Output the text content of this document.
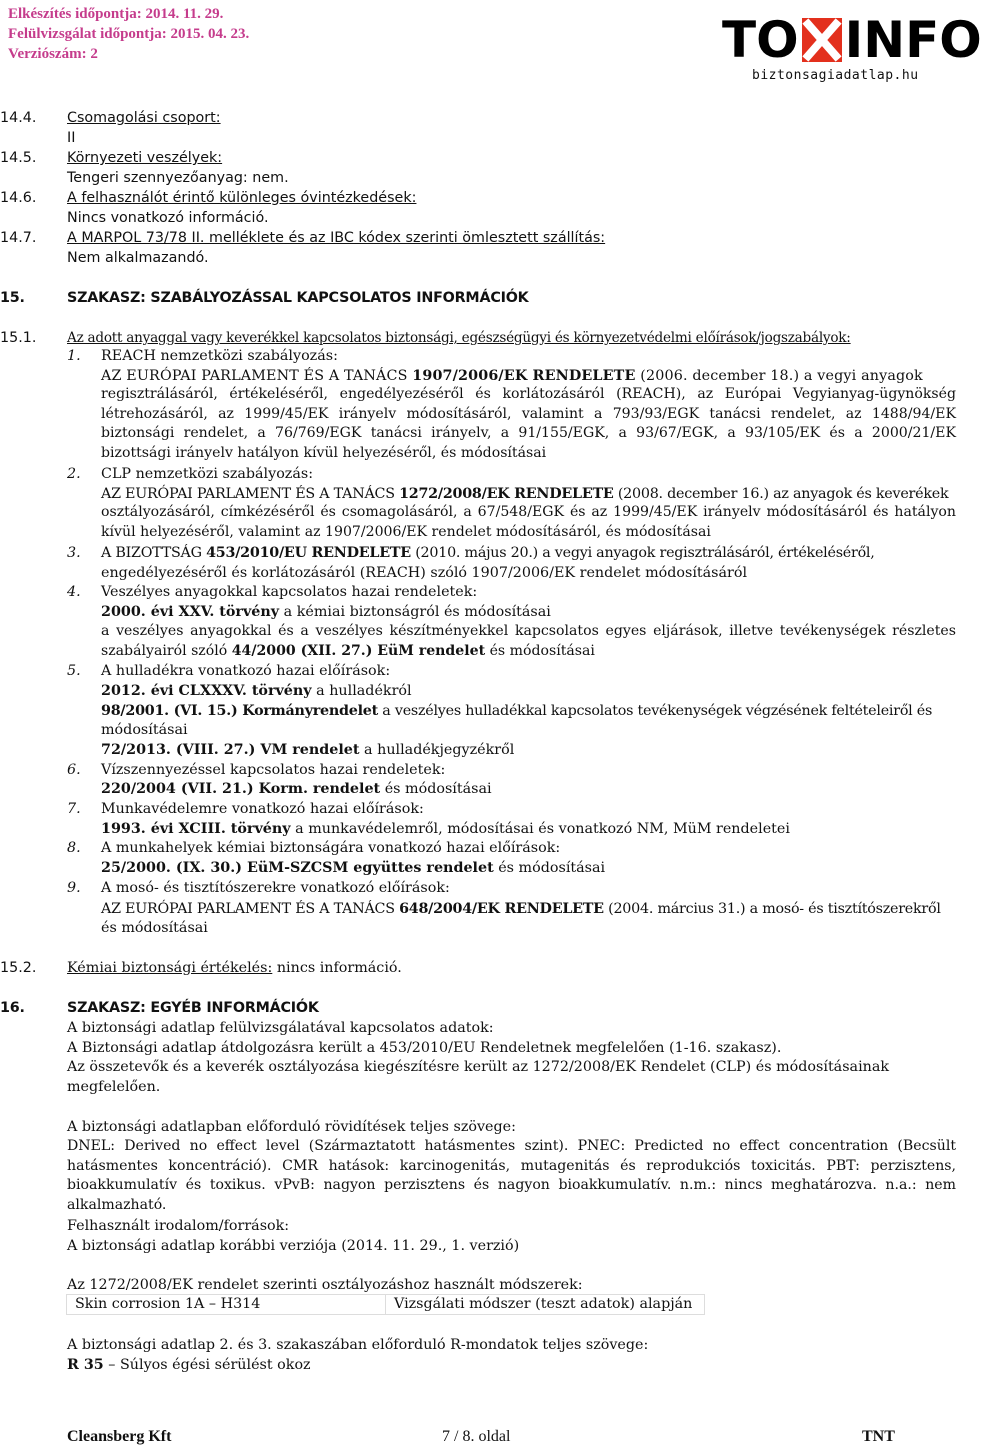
Elkészítés időpontja: 2014. 11. 29.
Felülvizsgálat időpontja: 2015. 04. 23.
Verziószám: 2	TO INFO
biztonsagiadatlap.hu
14.4. Csomagolási csoport:
II
14.5. Környezeti veszélyek:
Tengeri szennyezőanyag: nem.
14.6. A felhasználót érintő különleges óvintézkedések:
Nincs vonatkozó információ.
14.7. A MARPOL 73/78 II. melléklete és az IBC kódex szerinti ömlesztett szállítás:
Nem alkalmazandó.
15.	SZAKASZ: SZABÁLYOZÁSSAL KAPCSOLATOS INFORMÁCIÓK
15.1. Az adott anyaggal vagy keverékkel kapcsolatos biztonsági, egészségügyi és környezetvédelmi előírások/jogszabályok:
1. REACH nemzetközi szabályozás:
AZ EURÓPAI PARLAMENT ÉS A TANÁCS 1907/2006/EK RENDELETE (2006. december 18.) a vegyi anyagok
regisztrálásáról, értékeléséről, engedélyezéséről és korlátozásáról (REACH), az Európai Vegyianyag-ügynökség létrehozásáról, az 1999/45/EK irányelv módosításáról, valamint a 793/93/EGK tanácsi rendelet, az 1488/94/EK biztonsági rendelet, a 76/769/EGK tanácsi irányelv, a 91/155/EGK, a 93/67/EGK, a 93/105/EK és a 2000/21/EK bizottsági irányelv hatályon kívül helyezéséről, és módosításai
2. CLP nemzetközi szabályozás:
AZ EURÓPAI PARLAMENT ÉS A TANÁCS 1272/2008/EK RENDELETE (2008. december 16.) az anyagok és keverékek
osztályozásáról, címkézéséről és csomagolásáról, a 67/548/EGK és az 1999/45/EK irányelv módosításáról és hatályon kívül helyezéséről, valamint az 1907/2006/EK rendelet módosításáról, és módosításai
3. A BIZOTTSÁG 453/2010/EU RENDELETE (2010. május 20.) a vegyi anyagok regisztrálásáról, értékeléséről,
engedélyezéséről és korlátozásáról (REACH) szóló 1907/2006/EK rendelet módosításáról
4. Veszélyes anyagokkal kapcsolatos hazai rendeletek:
2000. évi XXV. törvény a kémiai biztonságról és módosításai
a veszélyes anyagokkal és a veszélyes készítményekkel kapcsolatos egyes eljárások, illetve tevékenységek részletes szabályairól szóló 44/2000 (XII. 27.) EüM rendelet és módosításai
5. A hulladékra vonatkozó hazai előírások:
2012. évi CLXXXV. törvény a hulladékról
98/2001. (VI. 15.) Kormányrendelet a veszélyes hulladékkal kapcsolatos tevékenységek végzésének feltételeiről és
módosításai
72/2013. (VIII. 27.) VM rendelet a hulladékjegyzékről
6. Vízszennyezéssel kapcsolatos hazai rendeletek:
220/2004 (VII. 21.) Korm. rendelet és módosításai
7. Munkavédelemre vonatkozó hazai előírások:
1993. évi XCIII. törvény a munkavédelemről, módosításai és vonatkozó NM, MüM rendeletei
8. A munkahelyek kémiai biztonságára vonatkozó hazai előírások:
25/2000. (IX. 30.) EüM-SZCSM együttes rendelet és módosításai
9. A mosó- és tisztítószerekre vonatkozó előírások:
AZ EURÓPAI PARLAMENT ÉS A TANÁCS 648/2004/EK RENDELETE (2004. március 31.) a mosó- és tisztítószerekről
és módosításai
15.2. Kémiai biztonsági értékelés: nincs információ.
16.	SZAKASZ: EGYÉB INFORMÁCIÓK
A biztonsági adatlap felülvizsgálatával kapcsolatos adatok:
A Biztonsági adatlap átdolgozásra került a 453/2010/EU Rendeletnek megfelelően (1-16. szakasz).
Az összetevők és a keverék osztályozása kiegészítésre került az 1272/2008/EK Rendelet (CLP) és módosításainak
megfelelően.
A biztonsági adatlapban előforduló rövidítések teljes szövege:
DNEL: Derived no effect level (Származtatott hatásmentes szint). PNEC: Predicted no effect concentration (Becsült hatásmentes koncentráció). CMR hatások: karcinogenitás, mutagenitás és reprodukciós toxicitás. PBT: perzisztens, bioakkumulatív és toxikus. vPvB: nagyon perzisztens és nagyon bioakkumulatív. n.m.: nincs meghatározva. n.a.: nem alkalmazható.
Felhasznált irodalom/források:
A biztonsági adatlap korábbi verziója (2014. 11. 29., 1. verzió)
Az 1272/2008/EK rendelet szerinti osztályozáshoz használt módszerek:
Skin corrosion 1A – H314	Vizsgálati módszer (teszt adatok) alapján
A biztonsági adatlap 2. és 3. szakaszában előforduló R-mondatok teljes szövege:
R 35 – Súlyos égési sérülést okoz
Cleansberg Kft	7 / 8. oldal	TNT
